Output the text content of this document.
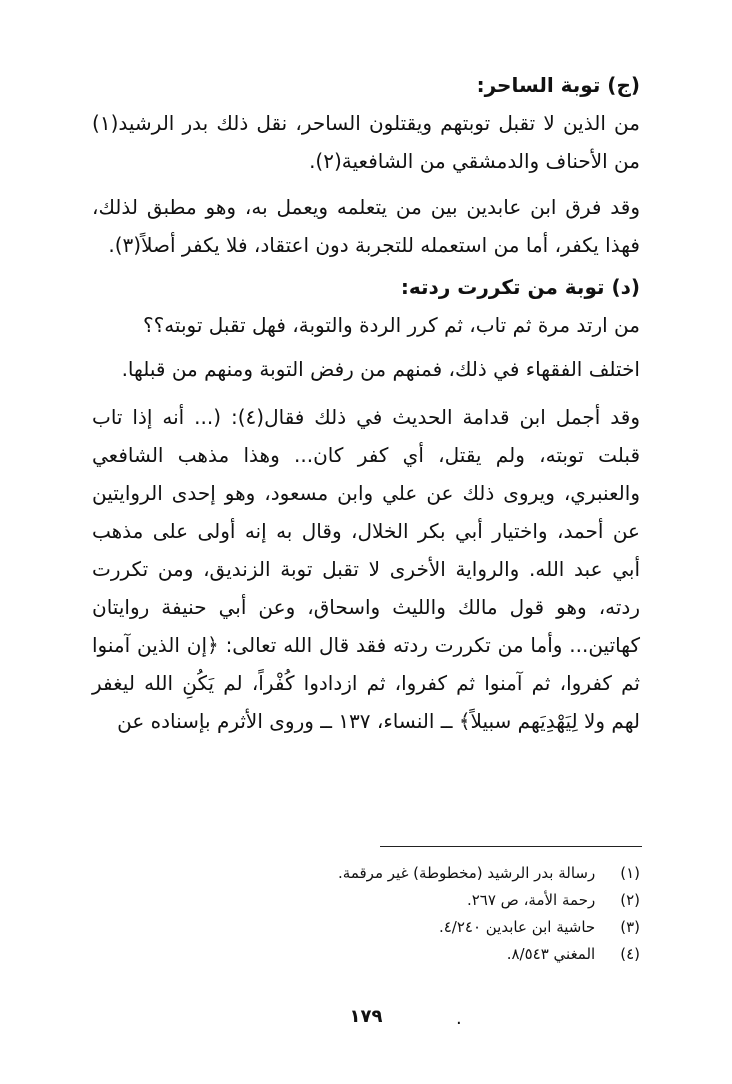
(ج) توبة الساحر:
من الذين لا تقبل توبتهم ويقتلون الساحر، نقل ذلك بدر الرشيد(١) من الأحناف والدمشقي من الشافعية(٢).
وقد فرق ابن عابدين بين من يتعلمه ويعمل به، وهو مطبق لذلك، فهذا يكفر، أما من استعمله للتجربة دون اعتقاد، فلا يكفر أصلاً(٣).
(د) توبة من تكررت ردته:
من ارتد مرة ثم تاب، ثم كرر الردة والتوبة، فهل تقبل توبته؟؟
اختلف الفقهاء في ذلك، فمنهم من رفض التوبة ومنهم من قبلها.
وقد أجمل ابن قدامة الحديث في ذلك فقال(٤): (... أنه إذا تاب قبلت توبته، ولم يقتل، أي كفر كان... وهذا مذهب الشافعي والعنبري، ويروى ذلك عن علي وابن مسعود، وهو إحدى الروايتين عن أحمد، واختيار أبي بكر الخلال، وقال به إنه أولى على مذهب أبي عبد الله. والرواية الأخرى لا تقبل توبة الزنديق، ومن تكررت ردته، وهو قول مالك والليث واسحاق، وعن أبي حنيفة روايتان كهاتين... وأما من تكررت ردته فقد قال الله تعالى: ﴿إن الذين آمنوا ثم كفروا، ثم آمنوا ثم كفروا، ثم ازدادوا كُفْراً، لم يَكُنِ الله ليغفر لهم ولا لِيَهْدِيَهم سبيلاً﴾ ــ النساء، ١٣٧ ــ وروى الأثرم بإسناده عن
(١) رسالة بدر الرشيد (مخطوطة) غير مرقمة.
(٢) رحمة الأمة، ص ٢٦٧.
(٣) حاشية ابن عابدين ٤/٢٤٠.
(٤) المغني ٨/٥٤٣.
١٧٩	.
